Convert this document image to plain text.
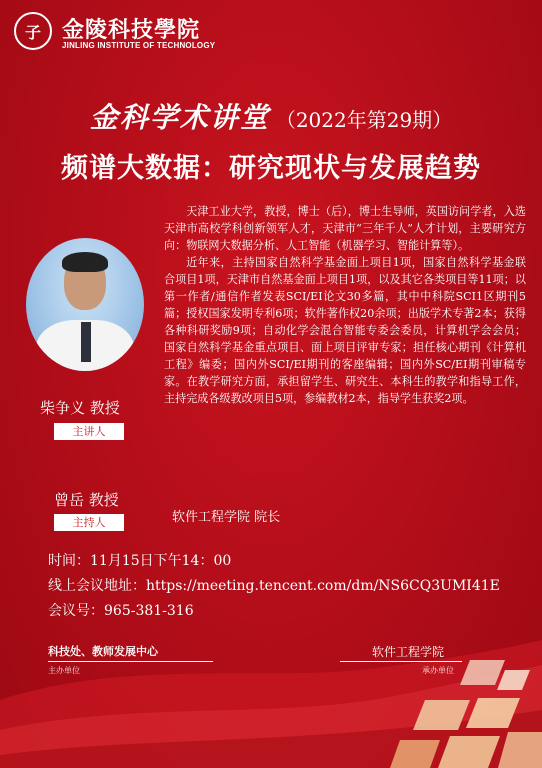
子 金陵科技學院
JINLING INSTITUTE OF TECHNOLOGY
金科学术讲堂 （2022年第29期）
频谱大数据：研究现状与发展趋势
柴争义 教授
主讲人

天津工业大学，教授，博士（后），博士生导师，英国访问学者，入选天津市高校学科创新领军人才，天津市“三年千人”人才计划，主要研究方向：物联网大数据分析、人工智能（机器学习、智能计算等）。

近年来，主持国家自然科学基金面上项目1项，国家自然科学基金联合项目1项，天津市自然基金面上项目1项，以及其它各类项目等11项；以第一作者/通信作者发表SCI/EI论文30多篇，其中中科院SCI1区期刊5篇；授权国家发明专利6项；软件著作权20余项；出版学术专著2本；获得各种科研奖励9项；自动化学会混合智能专委会委员，计算机学会会员；国家自然科学基金重点项目、面上项目评审专家；担任核心期刊《计算机工程》编委；国内外SCI/EI期刊的客座编辑；国内外SC/EI期刊审稿专家。在教学研究方面，承担留学生、研究生、本科生的教学和指导工作，主持完成各级教改项目5项，参编教材2本，指导学生获奖2项。

曾岳 教授
主持人	软件工程学院 院长
时间：11月15日下午14：00
线上会议地址：https://meeting.tencent.com/dm/NS6CQ3UMI41E
会议号：965-381-316
科技处、教师发展中心
主办单位
软件工程学院
承办单位
